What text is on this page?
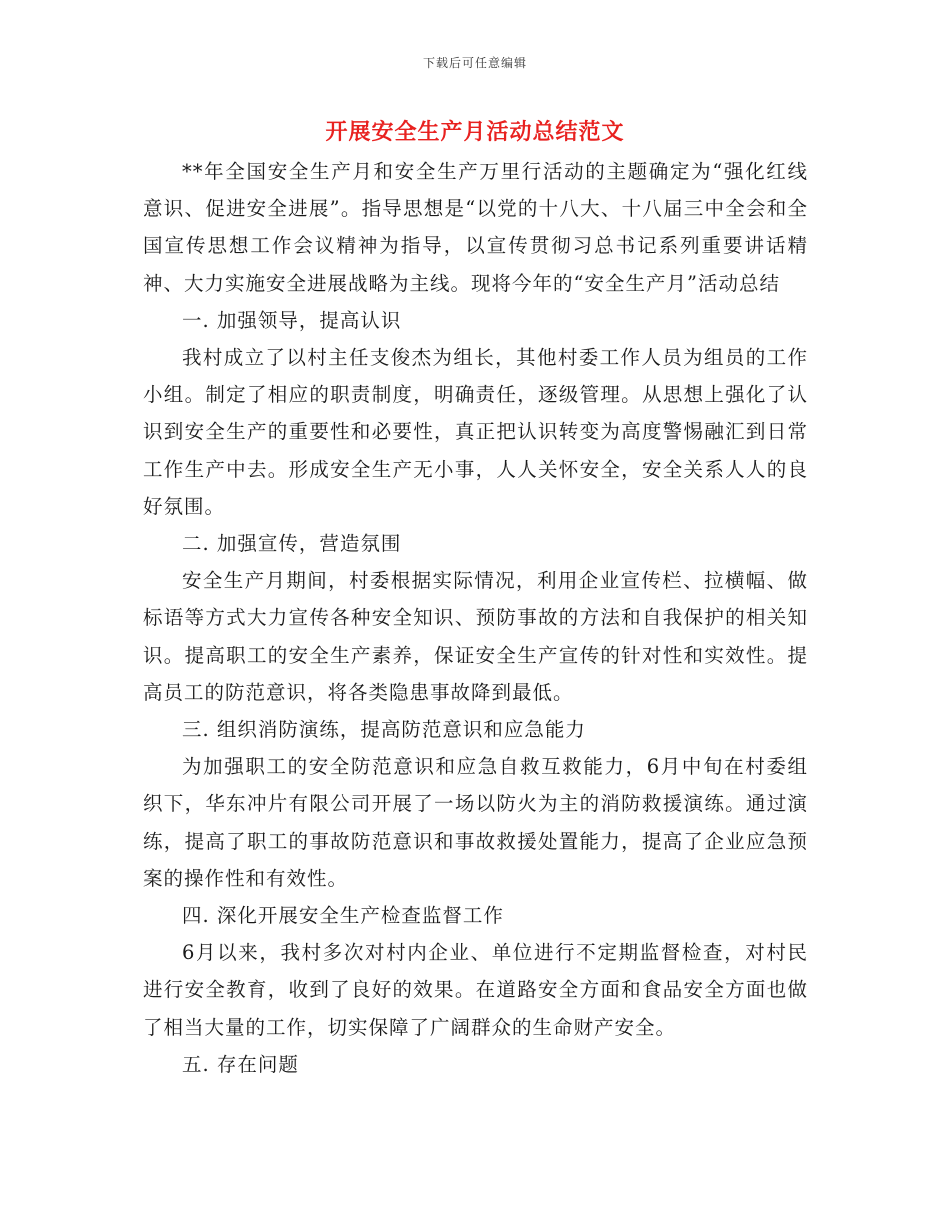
下载后可任意编辑
开展安全生产月活动总结范文

**年全国安全生产月和安全生产万里行活动的主题确定为“强化红线意识、促进安全进展”。指导思想是“以党的十八大、十八届三中全会和全国宣传思想工作会议精神为指导，以宣传贯彻习总书记系列重要讲话精神、大力实施安全进展战略为主线。现将今年的“安全生产月”活动总结

一. 加强领导，提高认识

我村成立了以村主任支俊杰为组长，其他村委工作人员为组员的工作小组。制定了相应的职责制度，明确责任，逐级管理。从思想上强化了认识到安全生产的重要性和必要性，真正把认识转变为高度警惕融汇到日常工作生产中去。形成安全生产无小事，人人关怀安全，安全关系人人的良好氛围。

二. 加强宣传，营造氛围

安全生产月期间，村委根据实际情况，利用企业宣传栏、拉横幅、做标语等方式大力宣传各种安全知识、预防事故的方法和自我保护的相关知识。提高职工的安全生产素养，保证安全生产宣传的针对性和实效性。提高员工的防范意识，将各类隐患事故降到最低。

三. 组织消防演练，提高防范意识和应急能力

为加强职工的安全防范意识和应急自救互救能力，6月中旬在村委组织下，华东冲片有限公司开展了一场以防火为主的消防救援演练。通过演练，提高了职工的事故防范意识和事故救援处置能力，提高了企业应急预案的操作性和有效性。

四. 深化开展安全生产检查监督工作

6月以来，我村多次对村内企业、单位进行不定期监督检查，对村民进行安全教育，收到了良好的效果。在道路安全方面和食品安全方面也做了相当大量的工作，切实保障了广阔群众的生命财产安全。

五. 存在问题
